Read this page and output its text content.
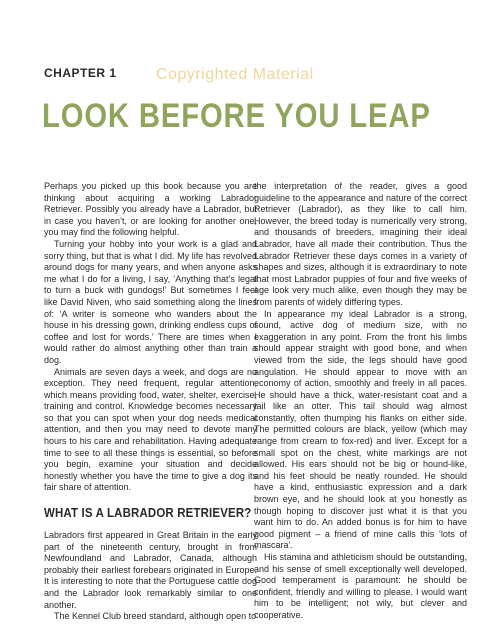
CHAPTER 1 Copyrighted Material
LOOK BEFORE YOU LEAP

Perhaps you picked up this book because you are thinking about acquiring a working Labrador Retriever. Possibly you already have a Labrador, but in case you haven’t, or are looking for another one, you may find the following helpful.

Turning your hobby into your work is a glad and sorry thing, but that is what I did. My life has revolved around dogs for many years, and when anyone asks me what I do for a living, I say, ‘Anything that’s legal to turn a buck with gundogs!’ But sometimes I feel like David Niven, who said something along the lines of: ‘A writer is someone who wanders about the house in his dressing gown, drinking endless cups of coffee and lost for words.’ There are times when I would rather do almost anything other than train a dog.

Animals are seven days a week, and dogs are no exception. They need frequent, regular attention, which means providing food, water, shelter, exercise, training and control. Knowledge becomes necessary so that you can spot when your dog needs medical attention, and then you may need to devote many hours to his care and rehabilitation. Having adequate time to see to all these things is essential, so before you begin, examine your situation and decide honestly whether you have the time to give a dog its fair share of attention.

WHAT IS A LABRADOR RETRIEVER?

Labradors first appeared in Great Britain in the early part of the nineteenth century, brought in from Newfoundland and Labrador, Canada, although probably their earliest forebears originated in Europe. It is interesting to note that the Portuguese cattle dog and the Labrador look remarkably similar to one another.

The Kennel Club breed standard, although open to

the interpretation of the reader, gives a good guideline to the appearance and nature of the correct Retriever (Labrador), as they like to call him. However, the breed today is numerically very strong, and thousands of breeders, imagining their ideal Labrador, have all made their contribution. Thus the Labrador Retriever these days comes in a variety of shapes and sizes, although it is extraordinary to note that most Labrador puppies of four and five weeks of age look very much alike, even though they may be from parents of widely differing types.

In appearance my ideal Labrador is a strong, sound, active dog of medium size, with no exaggeration in any point. From the front his limbs should appear straight with good bone, and when viewed from the side, the legs should have good angulation. He should appear to move with an economy of action, smoothly and freely in all paces. He should have a thick, water-resistant coat and a tail like an otter. This tail should wag almost constantly, often thumping his flanks on either side. The permitted colours are black, yellow (which may range from cream to fox-red) and liver. Except for a small spot on the chest, white markings are not allowed. His ears should not be big or hound-like, and his feet should be neatly rounded. He should have a kind, enthusiastic expression and a dark brown eye, and he should look at you honestly as though hoping to discover just what it is that you want him to do. An added bonus is for him to have good pigment – a friend of mine calls this ‘lots of mascara’.

His stamina and athleticism should be outstanding, and his sense of smell exceptionally well developed. Good temperament is paramount: he should be confident, friendly and willing to please. I would want him to be intelligent; not wily, but clever and cooperative.
